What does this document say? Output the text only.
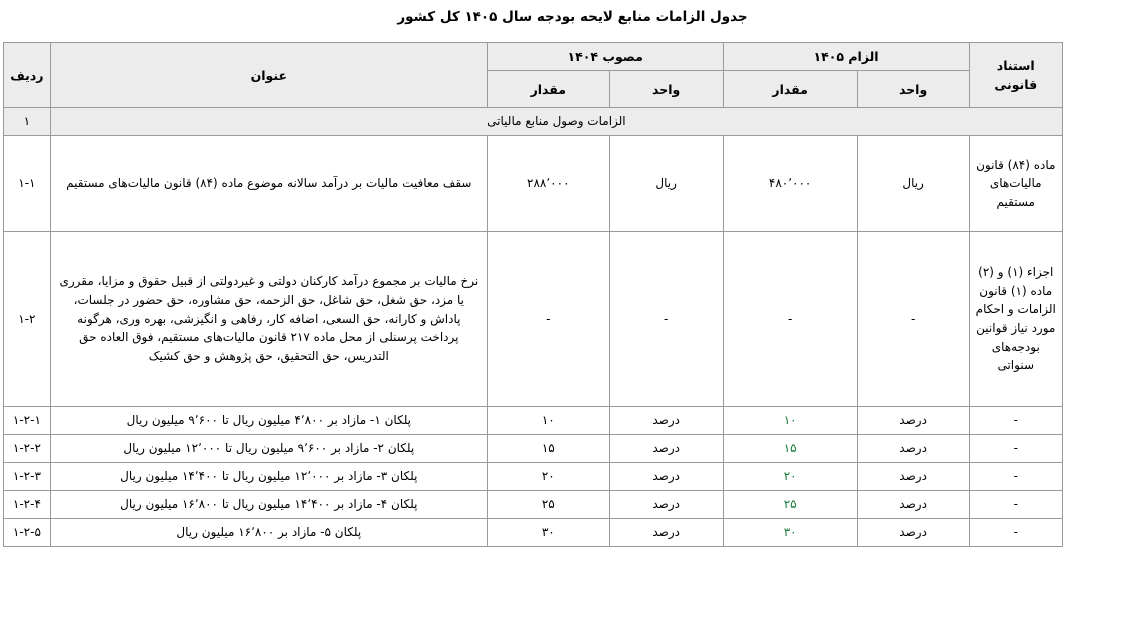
جدول الزامات منابع لایحه بودجه سال ۱۴۰۵ کل کشور
استناد قانونی	الزام ۱۴۰۵		مصوب ۱۴۰۴		عنوان	ردیف
	واحد	مقدار	واحد	مقدار		
الزامات وصول منابع مالیاتی						۱
ماده (۸۴) قانون مالیات‌های مستقیم	ریال	۴۸۰٬۰۰۰	ریال	۲۸۸٬۰۰۰	سقف معافیت مالیات بر درآمد سالانه موضوع ماده (۸۴) قانون مالیات‌های مستقیم	۱-۱
اجزاء (۱) و (۲) ماده (۱) قانون الزامات و احکام مورد نیاز قوانین بودجه‌های سنواتی	-	-	-	-	نرخ مالیات بر مجموع درآمد کارکنان دولتی و غیردولتی از قبیل حقوق و مزایا، مقرری یا مزد، حق شغل، حق شاغل، حق الزحمه، حق مشاوره، حق حضور در جلسات، پاداش و کارانه، حق السعی، اضافه کار، رفاهی و انگیزشی، بهره وری، هرگونه پرداخت پرسنلی از محل ماده ۲۱۷ قانون مالیات‌های مستقیم، فوق العاده حق التدریس، حق التحقیق، حق پژوهش و حق کشیک	۱-۲
-	درصد	۱۰	درصد	۱۰	پلکان ۱- مازاد بر ۴٬۸۰۰ میلیون ریال تا ۹٬۶۰۰ میلیون ریال	۱-۲-۱
-	درصد	۱۵	درصد	۱۵	پلکان ۲- مازاد بر ۹٬۶۰۰ میلیون ریال تا ۱۲٬۰۰۰ میلیون ریال	۱-۲-۲
-	درصد	۲۰	درصد	۲۰	پلکان ۳- مازاد بر ۱۲٬۰۰۰ میلیون ریال تا ۱۴٬۴۰۰ میلیون ریال	۱-۲-۳
-	درصد	۲۵	درصد	۲۵	پلکان ۴- مازاد بر ۱۴٬۴۰۰ میلیون ریال تا ۱۶٬۸۰۰ میلیون ریال	۱-۲-۴
-	درصد	۳۰	درصد	۳۰	پلکان ۵- مازاد بر ۱۶٬۸۰۰ میلیون ریال	۱-۲-۵
